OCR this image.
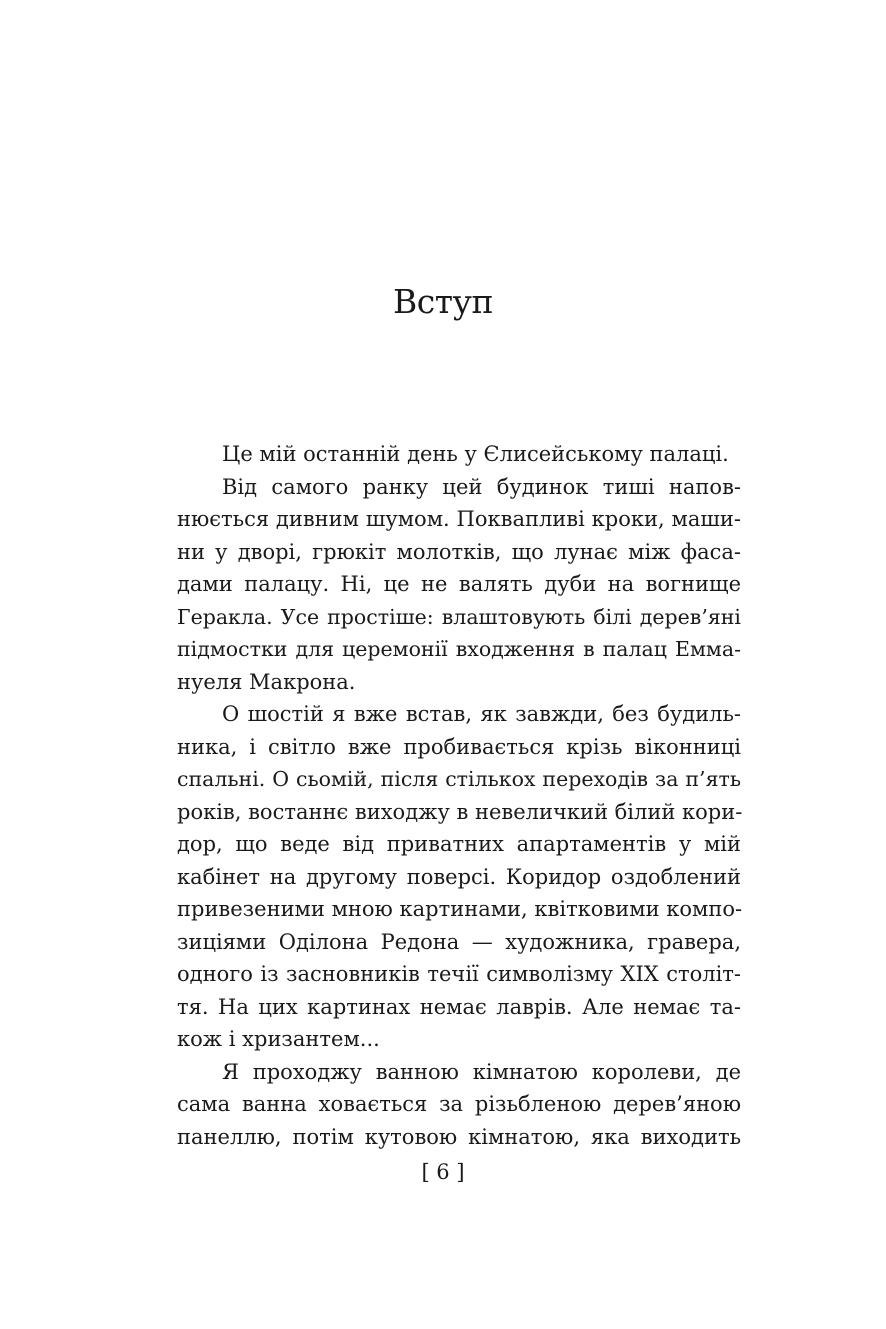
Вступ
Це мій останній день у Єлисейському палаці.
Від самого ранку цей будинок тиші напов-
нюється дивним шумом. Поквапливі кроки, маши-
ни у дворі, грюкіт молотків, що лунає між фаса-
дами палацу. Ні, це не валять дуби на вогнище
Геракла. Усе простіше: влаштовують білі дерев’яні
підмостки для церемонії входження в палац Емма-
нуеля Макрона.
О шостій я вже встав, як завжди, без будиль-
ника, і світло вже пробивається крізь віконниці
спальні. О сьомій, після стількох переходів за п’ять
років, востаннє виходжу в невеличкий білий кори-
дор, що веде від приватних апартаментів у мій
кабінет на другому поверсі. Коридор оздоблений
привезеними мною картинами, квітковими компо-
зиціями Оділона Редона — художника, гравера,
одного із засновників течії символізму XIX століт-
тя. На цих картинах немає лаврів. Але немає та-
кож і хризантем...
Я проходжу ванною кімнатою королеви, де
сама ванна ховається за різьбленою дерев’яною
панеллю, потім кутовою кімнатою, яка виходить
[ 6 ]
